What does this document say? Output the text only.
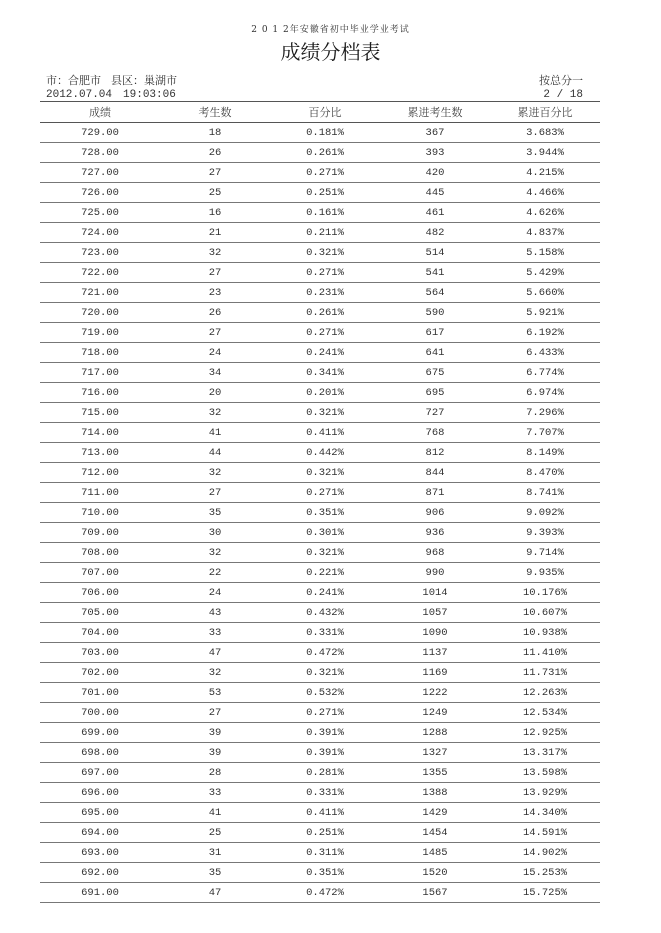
2 0 1 2年安徽省初中毕业学业考试
成绩分档表
市：合肥市 县区：巢湖市
2012.07.04　19:03:06
按总分一
2 / 18
成绩	考生数	百分比	累进考生数	累进百分比
729.00	18	0.181%	367	3.683%
728.00	26	0.261%	393	3.944%
727.00	27	0.271%	420	4.215%
726.00	25	0.251%	445	4.466%
725.00	16	0.161%	461	4.626%
724.00	21	0.211%	482	4.837%
723.00	32	0.321%	514	5.158%
722.00	27	0.271%	541	5.429%
721.00	23	0.231%	564	5.660%
720.00	26	0.261%	590	5.921%
719.00	27	0.271%	617	6.192%
718.00	24	0.241%	641	6.433%
717.00	34	0.341%	675	6.774%
716.00	20	0.201%	695	6.974%
715.00	32	0.321%	727	7.296%
714.00	41	0.411%	768	7.707%
713.00	44	0.442%	812	8.149%
712.00	32	0.321%	844	8.470%
711.00	27	0.271%	871	8.741%
710.00	35	0.351%	906	9.092%
709.00	30	0.301%	936	9.393%
708.00	32	0.321%	968	9.714%
707.00	22	0.221%	990	9.935%
706.00	24	0.241%	1014	10.176%
705.00	43	0.432%	1057	10.607%
704.00	33	0.331%	1090	10.938%
703.00	47	0.472%	1137	11.410%
702.00	32	0.321%	1169	11.731%
701.00	53	0.532%	1222	12.263%
700.00	27	0.271%	1249	12.534%
699.00	39	0.391%	1288	12.925%
698.00	39	0.391%	1327	13.317%
697.00	28	0.281%	1355	13.598%
696.00	33	0.331%	1388	13.929%
695.00	41	0.411%	1429	14.340%
694.00	25	0.251%	1454	14.591%
693.00	31	0.311%	1485	14.902%
692.00	35	0.351%	1520	15.253%
691.00	47	0.472%	1567	15.725%
